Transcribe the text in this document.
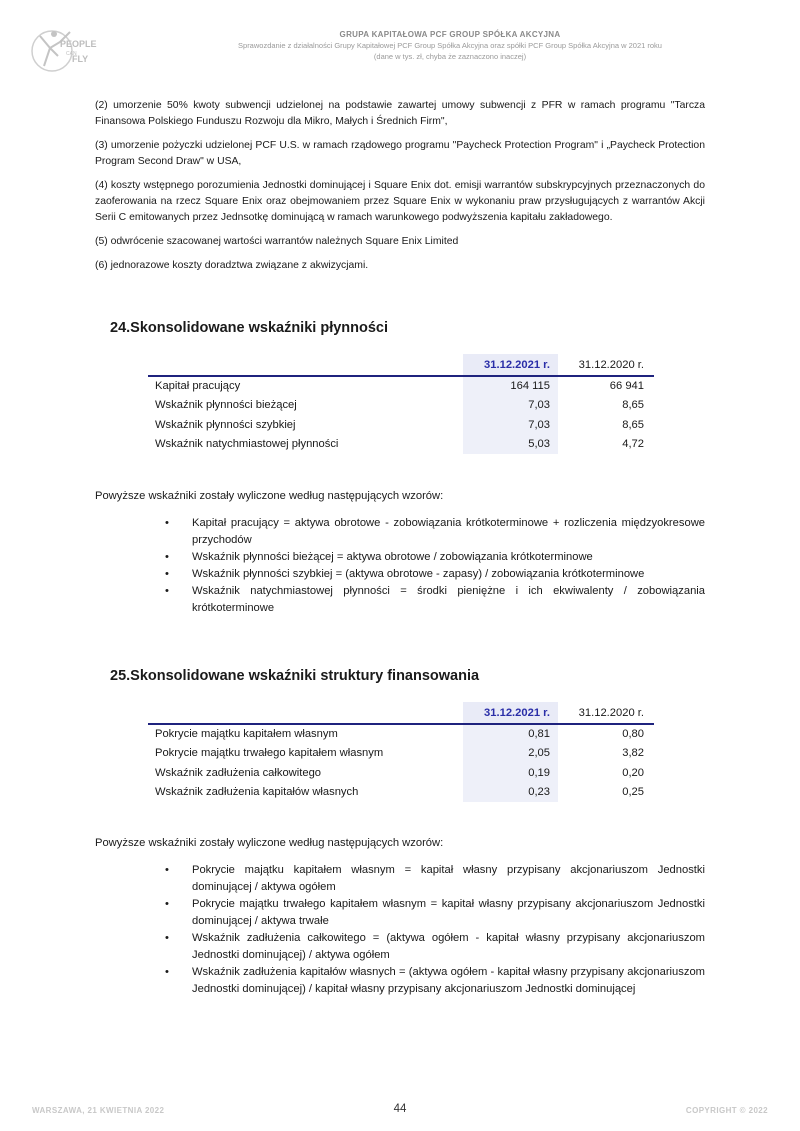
PEOPLE
CAN
FLY
GRUPA KAPITAŁOWA PCF GROUP SPÓŁKA AKCYJNA
Sprawozdanie z działalności Grupy Kapitałowej PCF Group Spółka Akcyjna oraz spółki PCF Group Spółka Akcyjna w 2021 roku
(dane w tys. zł, chyba że zaznaczono inaczej)

(2) umorzenie 50% kwoty subwencji udzielonej na podstawie zawartej umowy subwencji z PFR w ramach programu "Tarcza Finansowa Polskiego Funduszu Rozwoju dla Mikro, Małych i Średnich Firm",

(3) umorzenie pożyczki udzielonej PCF U.S. w ramach rządowego programu "Paycheck Protection Program" i „Paycheck Protection Program Second Draw" w USA,

(4) koszty wstępnego porozumienia Jednostki dominującej i Square Enix dot. emisji warrantów subskrypcyjnych przeznaczonych do zaoferowania na rzecz Square Enix oraz obejmowaniem przez Square Enix w wykonaniu praw przysługujących z warrantów Akcji Serii C emitowanych przez Jednsotkę dominującą w ramach warunkowego podwyższenia kapitału zakładowego.

(5) odwrócenie szacowanej wartości warrantów należnych Square Enix Limited

(6) jednorazowe koszty doradztwa związane z akwizycjami.

24.Skonsolidowane wskaźniki płynności
	31.12.2021 r.	31.12.2020 r.
Kapitał pracujący	164 115	66 941
Wskaźnik płynności bieżącej	7,03	8,65
Wskaźnik płynności szybkiej	7,03	8,65
Wskaźnik natychmiastowej płynności	5,03	4,72
Powyższe wskaźniki zostały wyliczone według następujących wzorów:
• Kapitał pracujący = aktywa obrotowe - zobowiązania krótkoterminowe + rozliczenia międzyokresowe przychodów
• Wskaźnik płynności bieżącej = aktywa obrotowe / zobowiązania krótkoterminowe
• Wskaźnik płynności szybkiej = (aktywa obrotowe - zapasy) / zobowiązania krótkoterminowe
• Wskaźnik natychmiastowej płynności = środki pieniężne i ich ekwiwalenty / zobowiązania krótkoterminowe
25.Skonsolidowane wskaźniki struktury finansowania
	31.12.2021 r.	31.12.2020 r.
Pokrycie majątku kapitałem własnym	0,81	0,80
Pokrycie majątku trwałego kapitałem własnym	2,05	3,82
Wskaźnik zadłużenia całkowitego	0,19	0,20
Wskaźnik zadłużenia kapitałów własnych	0,23	0,25
Powyższe wskaźniki zostały wyliczone według następujących wzorów:
• Pokrycie majątku kapitałem własnym = kapitał własny przypisany akcjonariuszom Jednostki dominującej / aktywa ogółem
• Pokrycie majątku trwałego kapitałem własnym = kapitał własny przypisany akcjonariuszom Jednostki dominującej / aktywa trwałe
• Wskaźnik zadłużenia całkowitego = (aktywa ogółem - kapitał własny przypisany akcjonariuszom Jednostki dominującej) / aktywa ogółem
• Wskaźnik zadłużenia kapitałów własnych = (aktywa ogółem - kapitał własny przypisany akcjonariuszom Jednostki dominującej) / kapitał własny przypisany akcjonariuszom Jednostki dominującej
WARSZAWA, 21 KWIETNIA 2022	44	COPYRIGHT © 2022
